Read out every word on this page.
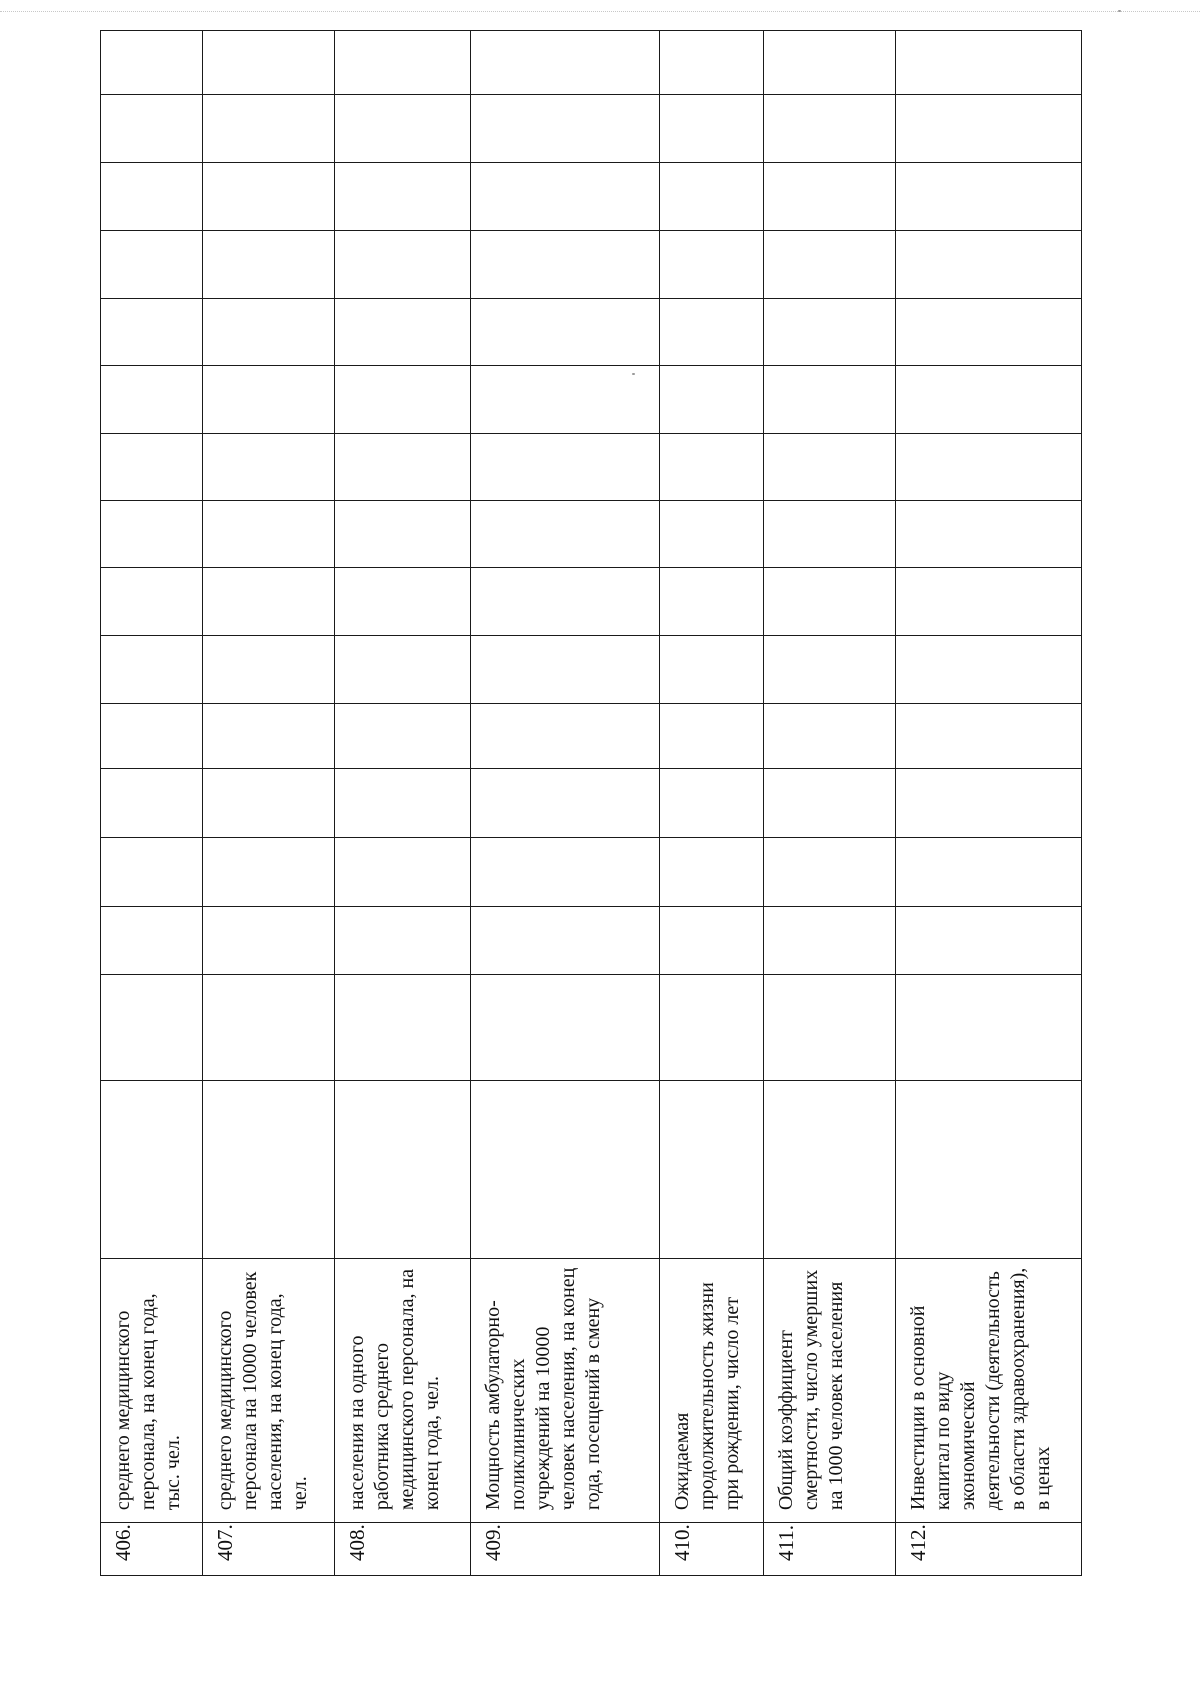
406.	среднего медицинского персонала, на конец года, тыс. чел.																
407.	среднего медицинского персонала на 10000 человек населения, на конец года, чел.																
408.	населения на одного работника среднего медицинского персонала, на конец года, чел.																
409.	Мощность амбулаторно-поликлинических учреждений на 10000 человек населения, на конец года, посещений в смену																
410.	Ожидаемая продолжительность жизни при рождении, число лет																
411.	Общий коэффициент смертности, число умерших на 1000 человек населения																
412.	Инвестиции в основной капитал по виду экономической деятельности (деятельность в области здравоохранения), в ценах																
